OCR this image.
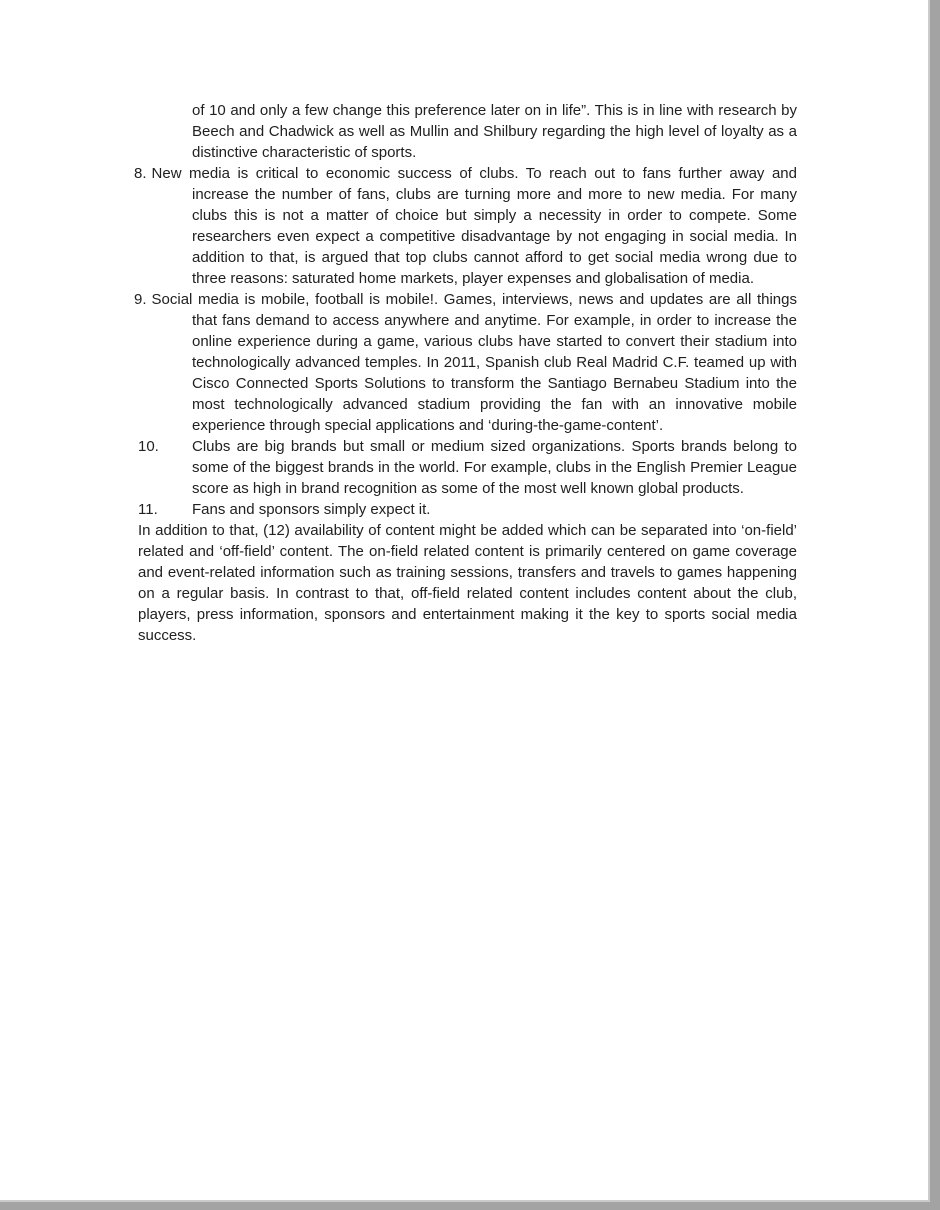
of 10 and only a few change this preference later on in life”. This is in line with research by Beech and Chadwick as well as Mullin and Shilbury regarding the high level of loyalty as a distinctive characteristic of sports.

8. New media is critical to economic success of clubs. To reach out to fans further away and increase the number of fans, clubs are turning more and more to new media. For many clubs this is not a matter of choice but simply a necessity in order to compete. Some researchers even expect a competitive disadvantage by not engaging in social media. In addition to that, is argued that top clubs cannot afford to get social media wrong due to three reasons: saturated home markets, player expenses and globalisation of media.

9. Social media is mobile, football is mobile!. Games, interviews, news and updates are all things that fans demand to access anywhere and anytime. For example, in order to increase the online experience during a game, various clubs have started to convert their stadium into technologically advanced temples. In 2011, Spanish club Real Madrid C.F. teamed up with Cisco Connected Sports Solutions to transform the Santiago Bernabeu Stadium into the most technologically advanced stadium providing the fan with an innovative mobile experience through special applications and ‘during-the-game-content’.

10. Clubs are big brands but small or medium sized organizations. Sports brands belong to some of the biggest brands in the world. For example, clubs in the English Premier League score as high in brand recognition as some of the most well known global products.

11. Fans and sponsors simply expect it.

In addition to that, (12) availability of content might be added which can be separated into ‘on-field’ related and ‘off-field’ content. The on-field related content is primarily centered on game coverage and event-related information such as training sessions, transfers and travels to games happening on a regular basis. In contrast to that, off-field related content includes content about the club, players, press information, sponsors and entertainment making it the key to sports social media success.
